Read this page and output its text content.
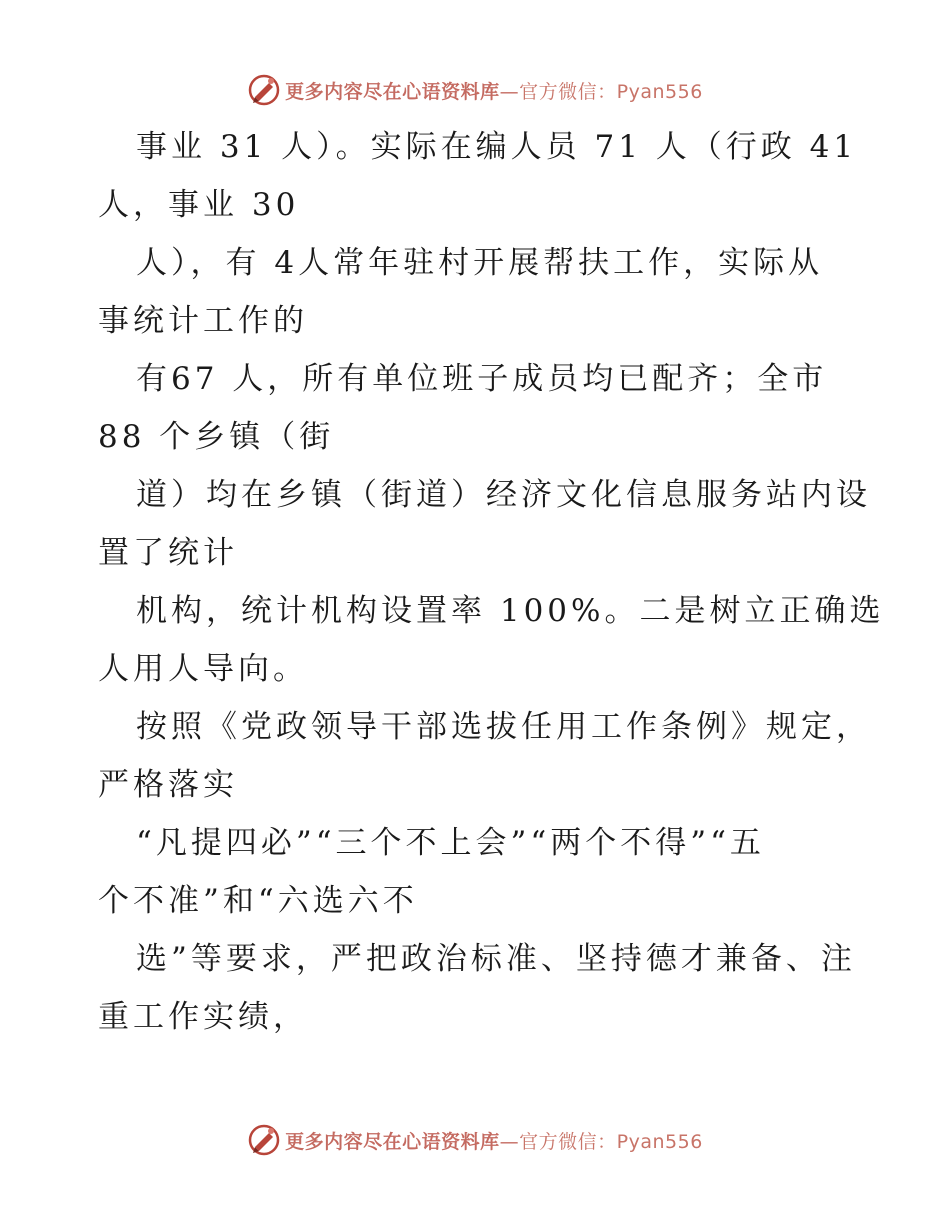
更多内容尽在心语资料库—官方微信：Pyan556
事业 31 人）。实际在编人员 71 人（行政 41
人，事业 30
人），有 4人常年驻村开展帮扶工作，实际从
事统计工作的
有67 人，所有单位班子成员均已配齐；全市
88 个乡镇（街
道）均在乡镇（街道）经济文化信息服务站内设
置了统计
机构，统计机构设置率 100%。二是树立正确选
人用人导向。
按照《党政领导干部选拔任用工作条例》规定，
严格落实
“凡提四必”“三个不上会”“两个不得”“五
个不准”和“六选六不
选”等要求，严把政治标准、坚持德才兼备、注
重工作实绩，
更多内容尽在心语资料库—官方微信：Pyan556
